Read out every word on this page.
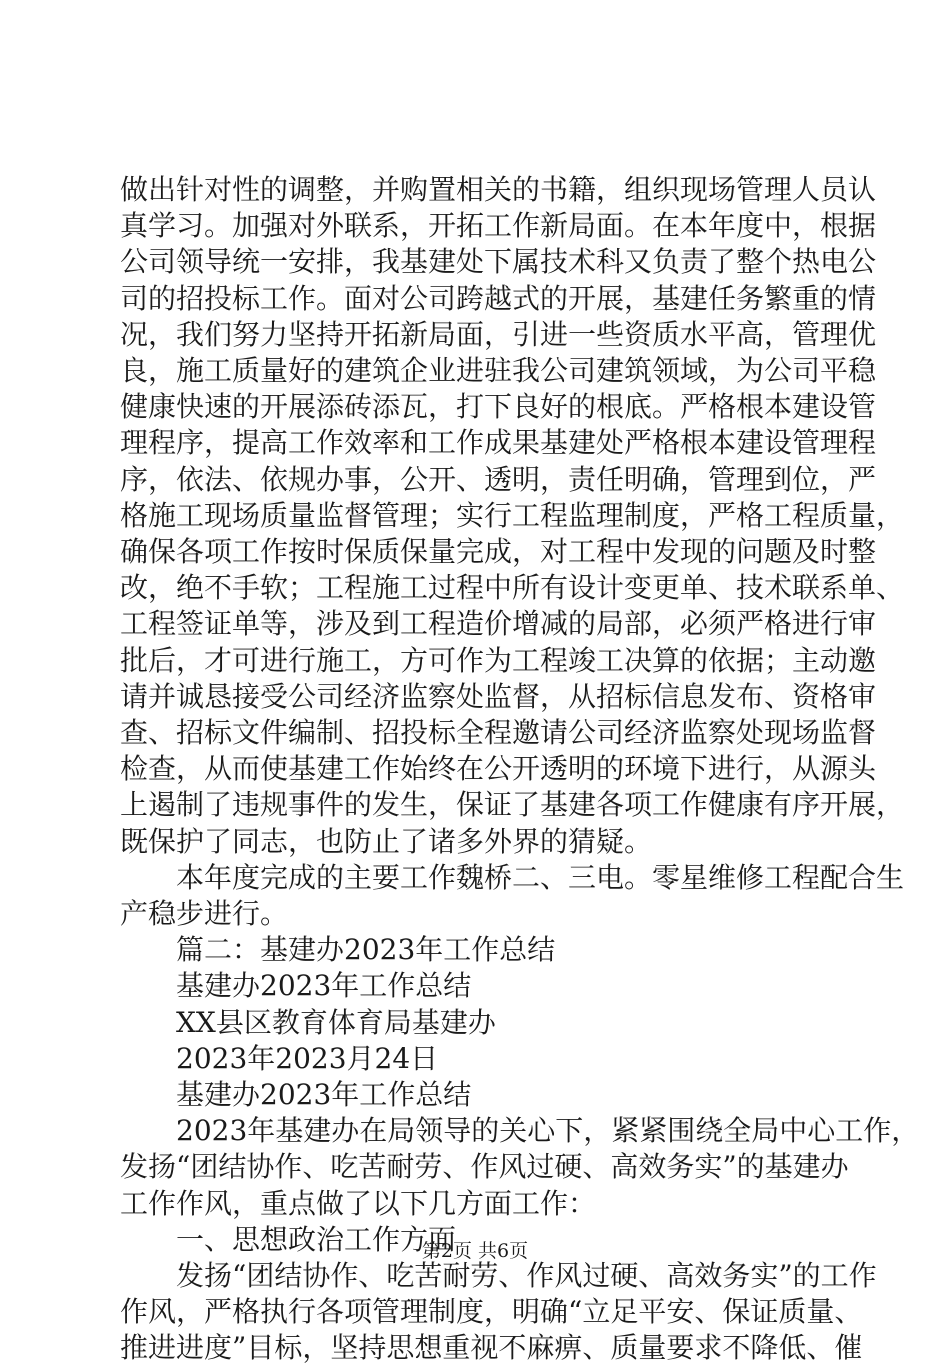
做出针对性的调整，并购置相关的书籍，组织现场管理人员认
真学习。加强对外联系，开拓工作新局面。在本年度中，根据
公司领导统一安排，我基建处下属技术科又负责了整个热电公
司的招投标工作。面对公司跨越式的开展，基建任务繁重的情
况，我们努力坚持开拓新局面，引进一些资质水平高，管理优
良，施工质量好的建筑企业进驻我公司建筑领域，为公司平稳
健康快速的开展添砖添瓦，打下良好的根底。严格根本建设管
理程序，提高工作效率和工作成果基建处严格根本建设管理程
序，依法、依规办事，公开、透明，责任明确，管理到位，严
格施工现场质量监督管理；实行工程监理制度，严格工程质量，
确保各项工作按时保质保量完成，对工程中发现的问题及时整
改，绝不手软；工程施工过程中所有设计变更单、技术联系单、
工程签证单等，涉及到工程造价增减的局部，必须严格进行审
批后，才可进行施工，方可作为工程竣工决算的依据；主动邀
请并诚恳接受公司经济监察处监督，从招标信息发布、资格审
查、招标文件编制、招投标全程邀请公司经济监察处现场监督
检查，从而使基建工作始终在公开透明的环境下进行，从源头
上遏制了违规事件的发生，保证了基建各项工作健康有序开展，
既保护了同志，也防止了诸多外界的猜疑。
本年度完成的主要工作魏桥二、三电。零星维修工程配合生
产稳步进行。
篇二：基建办2023年工作总结
基建办2023年工作总结
XX县区教育体育局基建办
2023年2023月24日
基建办2023年工作总结
2023年基建办在局领导的关心下，紧紧围绕全局中心工作，
发扬“团结协作、吃苦耐劳、作风过硬、高效务实”的基建办
工作作风，重点做了以下几方面工作：
一、思想政治工作方面
发扬“团结协作、吃苦耐劳、作风过硬、高效务实”的工作
作风，严格执行各项管理制度，明确“立足平安、保证质量、
推进进度”目标，坚持思想重视不麻痹、质量要求不降低、催
第2页 共6页
